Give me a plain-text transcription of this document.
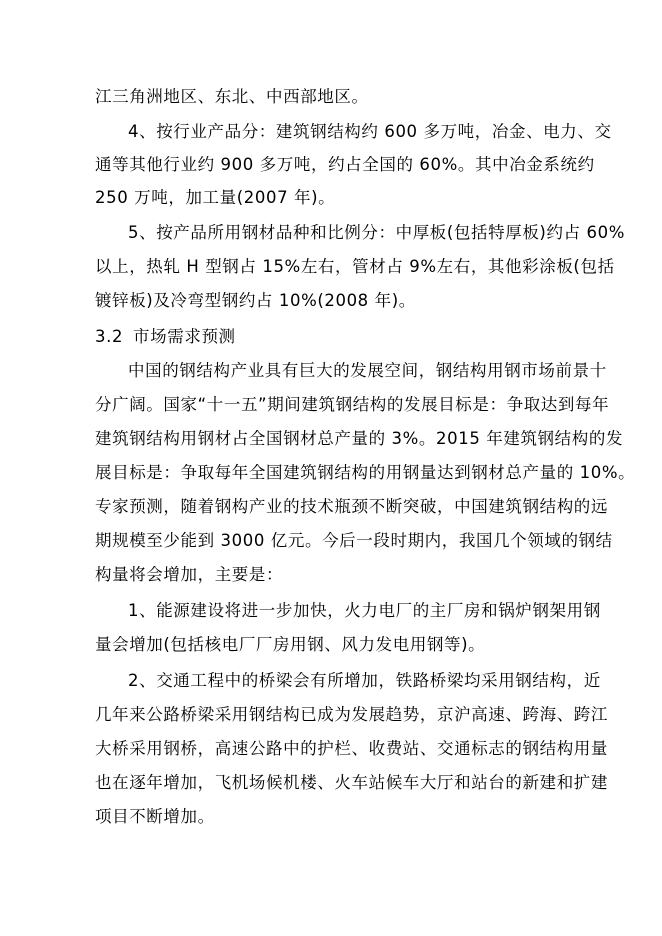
江三角洲地区、东北、中西部地区。
4、按行业产品分：建筑钢结构约 600 多万吨，冶金、电力、交
通等其他行业约 900 多万吨，约占全国的 60%。其中冶金系统约
250 万吨，加工量(2007 年)。
5、按产品所用钢材品种和比例分：中厚板(包括特厚板)约占 60%
以上，热轧 H 型钢占 15%左右，管材占 9%左右，其他彩涂板(包括
镀锌板)及冷弯型钢约占 10%(2008 年)。
3.2 市场需求预测
中国的钢结构产业具有巨大的发展空间，钢结构用钢市场前景十
分广阔。国家“十一五”期间建筑钢结构的发展目标是：争取达到每年
建筑钢结构用钢材占全国钢材总产量的 3%。2015 年建筑钢结构的发
展目标是：争取每年全国建筑钢结构的用钢量达到钢材总产量的 10%。
专家预测，随着钢构产业的技术瓶颈不断突破，中国建筑钢结构的远
期规模至少能到 3000 亿元。今后一段时期内，我国几个领域的钢结
构量将会增加，主要是：
1、能源建设将进一步加快，火力电厂的主厂房和锅炉钢架用钢
量会增加(包括核电厂厂房用钢、风力发电用钢等)。
2、交通工程中的桥梁会有所增加，铁路桥梁均采用钢结构，近
几年来公路桥梁采用钢结构已成为发展趋势，京沪高速、跨海、跨江
大桥采用钢桥，高速公路中的护栏、收费站、交通标志的钢结构用量
也在逐年增加，飞机场候机楼、火车站候车大厅和站台的新建和扩建
项目不断增加。
